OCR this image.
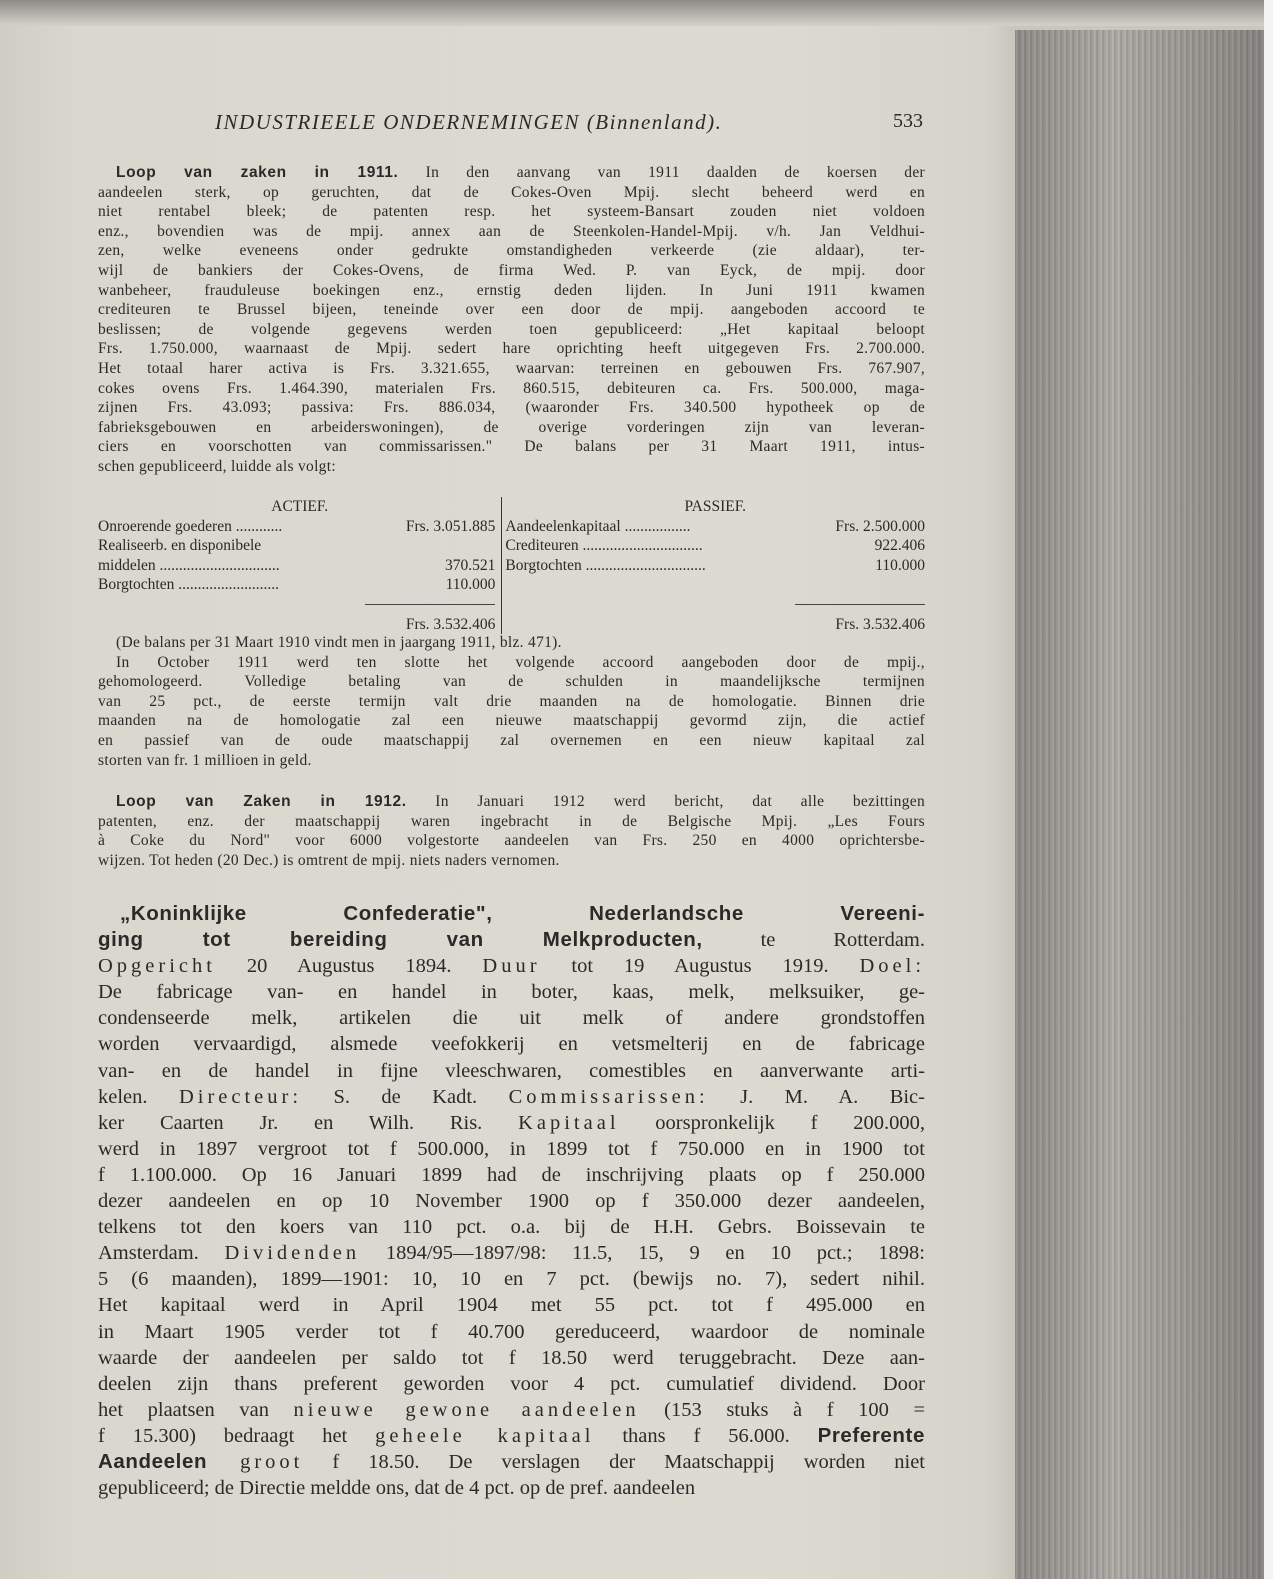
INDUSTRIEELE ONDERNEMINGEN (Binnenland).	533
Loop van zaken in 1911. In den aanvang van 1911 daalden de koersen der
aandeelen sterk, op geruchten, dat de Cokes-Oven Mpij. slecht beheerd werd en
niet rentabel bleek; de patenten resp. het systeem-Bansart zouden niet voldoen
enz., bovendien was de mpij. annex aan de Steenkolen-Handel-Mpij. v/h. Jan Veldhui-
zen, welke eveneens onder gedrukte omstandigheden verkeerde (zie aldaar), ter-
wijl de bankiers der Cokes-Ovens, de firma Wed. P. van Eyck, de mpij. door
wanbeheer, frauduleuse boekingen enz., ernstig deden lijden. In Juni 1911 kwamen
crediteuren te Brussel bijeen, teneinde over een door de mpij. aangeboden accoord te
beslissen; de volgende gegevens werden toen gepubliceerd: „Het kapitaal beloopt
Frs. 1.750.000, waarnaast de Mpij. sedert hare oprichting heeft uitgegeven Frs. 2.700.000.
Het totaal harer activa is Frs. 3.321.655, waarvan: terreinen en gebouwen Frs. 767.907,
cokes ovens Frs. 1.464.390, materialen Frs. 860.515, debiteuren ca. Frs. 500.000, maga-
zijnen Frs. 43.093; passiva: Frs. 886.034, (waaronder Frs. 340.500 hypotheek op de
fabrieksgebouwen en arbeiderswoningen), de overige vorderingen zijn van leveran-
ciers en voorschotten van commissarissen." De balans per 31 Maart 1911, intus-
schen gepubliceerd, luidde als volgt:
ACTIEF.		PASSIEF.	
Onroerende goederen ............	Frs. 3.051.885	Aandeelenkapitaal .................	Frs. 2.500.000
Realiseerb. en disponibele		Crediteuren ...............................	922.406
middelen ...............................	370.521	Borgtochten ...............................	110.000
Borgtochten ..........................	110.000		

	Frs. 3.532.406		Frs. 3.532.406
(De balans per 31 Maart 1910 vindt men in jaargang 1911, blz. 471).
In October 1911 werd ten slotte het volgende accoord aangeboden door de mpij.,
gehomologeerd. Volledige betaling van de schulden in maandelijksche termijnen
van 25 pct., de eerste termijn valt drie maanden na de homologatie. Binnen drie
maanden na de homologatie zal een nieuwe maatschappij gevormd zijn, die actief
en passief van de oude maatschappij zal overnemen en een nieuw kapitaal zal
storten van fr. 1 millioen in geld.
Loop van Zaken in 1912. In Januari 1912 werd bericht, dat alle bezittingen
patenten, enz. der maatschappij waren ingebracht in de Belgische Mpij. „Les Fours
à Coke du Nord" voor 6000 volgestorte aandeelen van Frs. 250 en 4000 oprichtersbe-
wijzen. Tot heden (20 Dec.) is omtrent de mpij. niets naders vernomen.
„Koninklijke Confederatie", Nederlandsche Vereeni-
ging tot bereiding van Melkproducten, te Rotterdam.
Opgericht 20 Augustus 1894. Duur tot 19 Augustus 1919. Doel:
De fabricage van- en handel in boter, kaas, melk, melksuiker, ge-
condenseerde melk, artikelen die uit melk of andere grondstoffen
worden vervaardigd, alsmede veefokkerij en vetsmelterij en de fabricage
van- en de handel in fijne vleeschwaren, comestibles en aanverwante arti-
kelen. Directeur: S. de Kadt. Commissarissen: J. M. A. Bic-
ker Caarten Jr. en Wilh. Ris. Kapitaal oorspronkelijk f 200.000,
werd in 1897 vergroot tot f 500.000, in 1899 tot f 750.000 en in 1900 tot
f 1.100.000. Op 16 Januari 1899 had de inschrijving plaats op f 250.000
dezer aandeelen en op 10 November 1900 op f 350.000 dezer aandeelen,
telkens tot den koers van 110 pct. o.a. bij de H.H. Gebrs. Boissevain te
Amsterdam. Dividenden 1894/95—1897/98: 11.5, 15, 9 en 10 pct.; 1898:
5 (6 maanden), 1899—1901: 10, 10 en 7 pct. (bewijs no. 7), sedert nihil.
Het kapitaal werd in April 1904 met 55 pct. tot f 495.000 en
in Maart 1905 verder tot f 40.700 gereduceerd, waardoor de nominale
waarde der aandeelen per saldo tot f 18.50 werd teruggebracht. Deze aan-
deelen zijn thans preferent geworden voor 4 pct. cumulatief dividend. Door
het plaatsen van nieuwe gewone aandeelen (153 stuks à f 100 =
f 15.300) bedraagt het geheele kapitaal thans f 56.000. Preferente
Aandeelen groot f 18.50. De verslagen der Maatschappij worden niet
gepubliceerd; de Directie meldde ons, dat de 4 pct. op de pref. aandeelen
